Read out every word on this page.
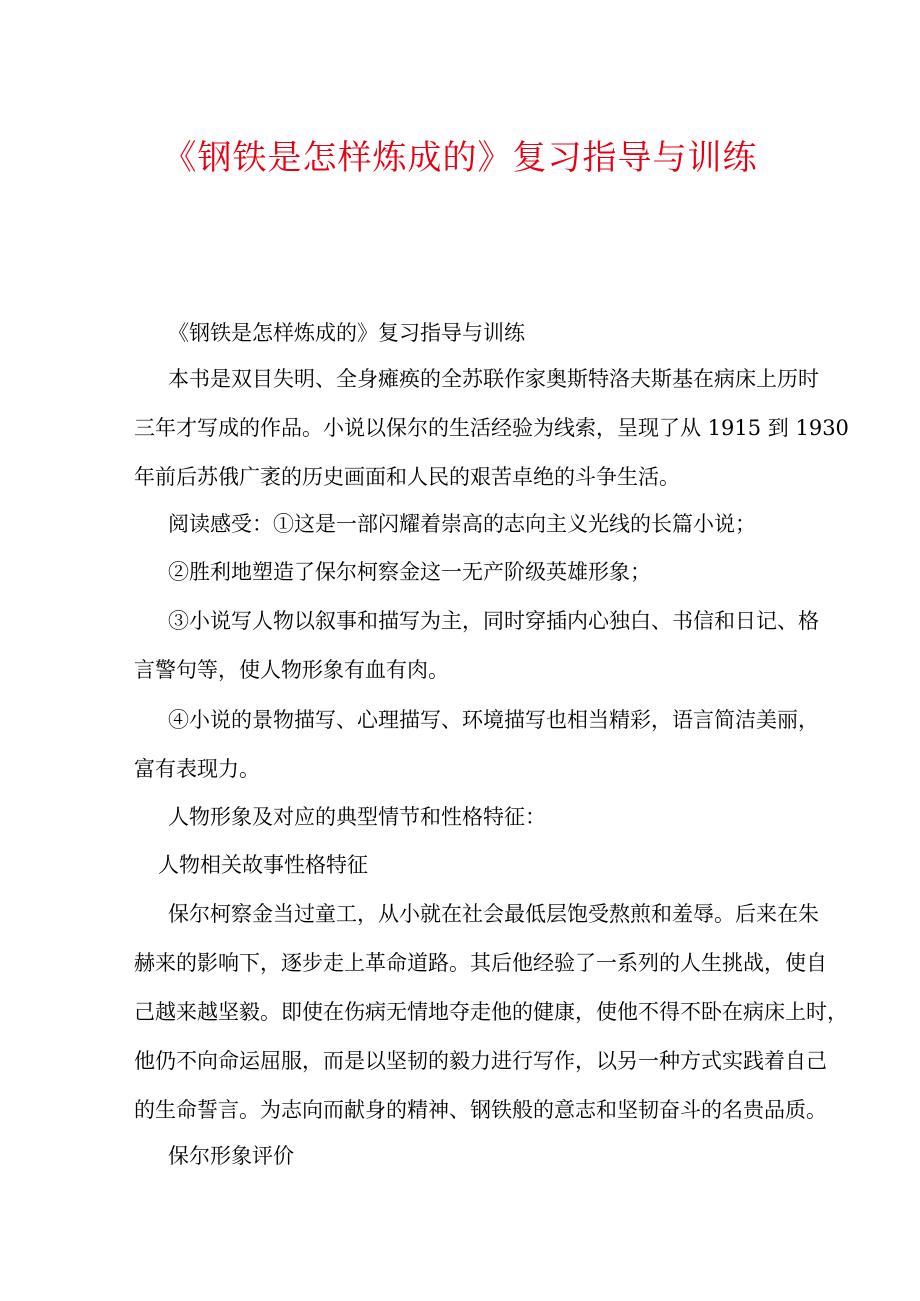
《钢铁是怎样炼成的》复习指导与训练
《钢铁是怎样炼成的》复习指导与训练
本书是双目失明、全身瘫痪的全苏联作家奥斯特洛夫斯基在病床上历时
三年才写成的作品。小说以保尔的生活经验为线索，呈现了从 1915 到 1930
年前后苏俄广袤的历史画面和人民的艰苦卓绝的斗争生活。
阅读感受：①这是一部闪耀着崇高的志向主义光线的长篇小说；
②胜利地塑造了保尔柯察金这一无产阶级英雄形象；
③小说写人物以叙事和描写为主，同时穿插内心独白、书信和日记、格
言警句等，使人物形象有血有肉。
④小说的景物描写、心理描写、环境描写也相当精彩，语言简洁美丽，
富有表现力。
人物形象及对应的典型情节和性格特征：
人物相关故事性格特征
保尔柯察金当过童工，从小就在社会最低层饱受熬煎和羞辱。后来在朱
赫来的影响下，逐步走上革命道路。其后他经验了一系列的人生挑战，使自
己越来越坚毅。即使在伤病无情地夺走他的健康，使他不得不卧在病床上时，
他仍不向命运屈服，而是以坚韧的毅力进行写作，以另一种方式实践着自己
的生命誓言。为志向而献身的精神、钢铁般的意志和坚韧奋斗的名贵品质。
保尔形象评价
